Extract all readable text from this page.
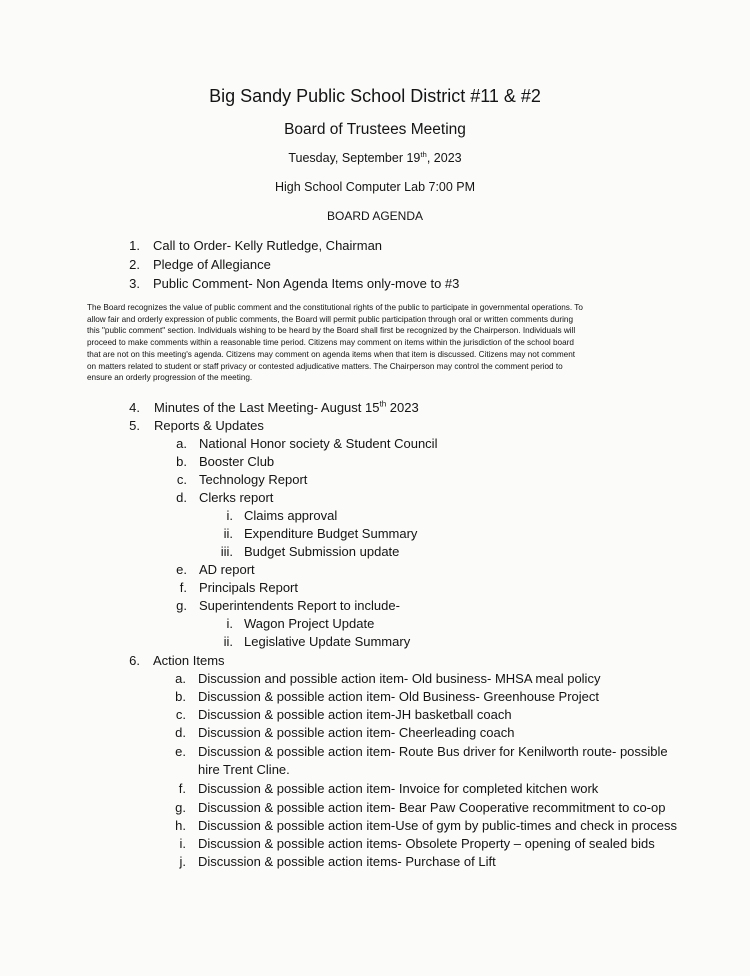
Big Sandy Public School District #11 & #2
Board of Trustees Meeting
Tuesday, September 19th, 2023
High School Computer Lab 7:00 PM
BOARD AGENDA
1. Call to Order- Kelly Rutledge, Chairman
2. Pledge of Allegiance
3. Public Comment- Non Agenda Items only-move to #3
The Board recognizes the value of public comment and the constitutional rights of the public to participate in governmental operations. To
allow fair and orderly expression of public comments, the Board will permit public participation through oral or written comments during
this "public comment" section. Individuals wishing to be heard by the Board shall first be recognized by the Chairperson. Individuals will
proceed to make comments within a reasonable time period. Citizens may comment on items within the jurisdiction of the school board
that are not on this meeting's agenda. Citizens may comment on agenda items when that item is discussed. Citizens may not comment
on matters related to student or staff privacy or contested adjudicative matters. The Chairperson may control the comment period to
ensure an orderly progression of the meeting.
4. Minutes of the Last Meeting- August 15th 2023
5. Reports & Updates
a. National Honor society & Student Council
b. Booster Club
c. Technology Report
d. Clerks report
i. Claims approval
ii. Expenditure Budget Summary
iii. Budget Submission update
e. AD report
f. Principals Report
g. Superintendents Report to include-
i. Wagon Project Update
ii. Legislative Update Summary
6. Action Items
a. Discussion and possible action item- Old business- MHSA meal policy
b. Discussion & possible action item- Old Business- Greenhouse Project
c. Discussion & possible action item-JH basketball coach
d. Discussion & possible action item- Cheerleading coach
e. Discussion & possible action item- Route Bus driver for Kenilworth route- possible
hire Trent Cline.
f. Discussion & possible action item- Invoice for completed kitchen work
g. Discussion & possible action item- Bear Paw Cooperative recommitment to co-op
h. Discussion & possible action item-Use of gym by public-times and check in process
i. Discussion & possible action items- Obsolete Property – opening of sealed bids
j. Discussion & possible action items- Purchase of Lift
